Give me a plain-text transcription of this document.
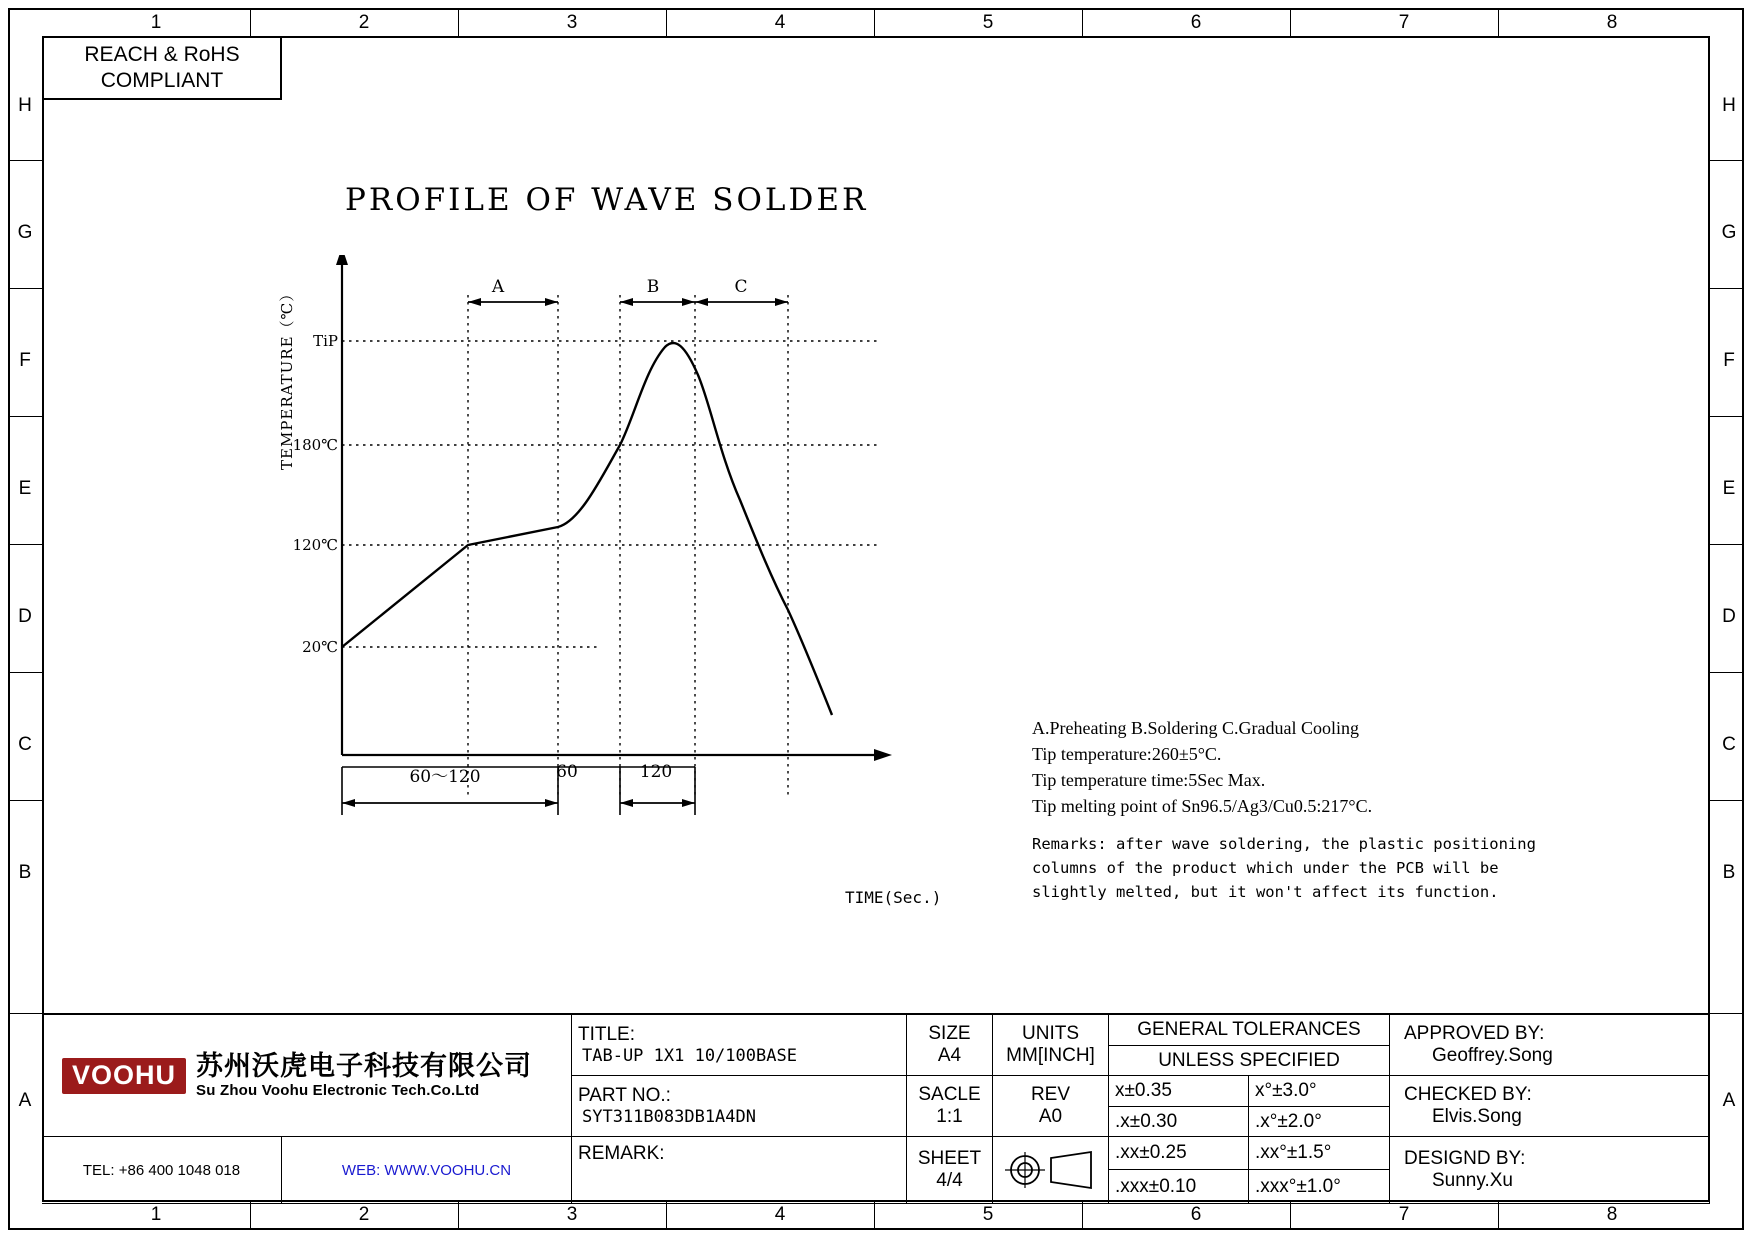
1	2	3	4	5	6	7	8
1	2	3	4	5	6	7	8
H
G
F
E
D
C
B
A
H
G
F
E
D
C
B
A
REACH & RoHS
COMPLIANT
PROFILE OF WAVE SOLDER
TEMPERATURE（℃）	TiP
180℃
120℃
20℃
A	B	C
60～120	60	120
TIME(Sec.)
A.Preheating B.Soldering C.Gradual Cooling
Tip temperature:260±5°C.
Tip temperature time:5Sec Max.
Tip melting point of Sn96.5/Ag3/Cu0.5:217°C.
Remarks: after wave soldering, the plastic positioning columns of the product which under the PCB will be slightly melted, but it won't affect its function.
VOOHU 苏州沃虎电子科技有限公司
Su Zhou Voohu Electronic Tech.Co.Ltd
TEL: +86 400 1048 018	WEB: WWW.VOOHU.CN
TITLE:
TAB-UP 1X1 10/100BASE
PART NO.:
SYT311B083DB1A4DN
REMARK:
SIZE
A4
SACLE
1:1
SHEET
4/4
UNITS
MM[INCH]
REV
A0
GENERAL TOLERANCES
UNLESS SPECIFIED
x±0.35	x°±3.0°
.x±0.30	.x°±2.0°
.xx±0.25	.xx°±1.5°
.xxx±0.10	.xxx°±1.0°
APPROVED BY:
Geoffrey.Song
CHECKED BY:
Elvis.Song
DESIGND BY:
Sunny.Xu
